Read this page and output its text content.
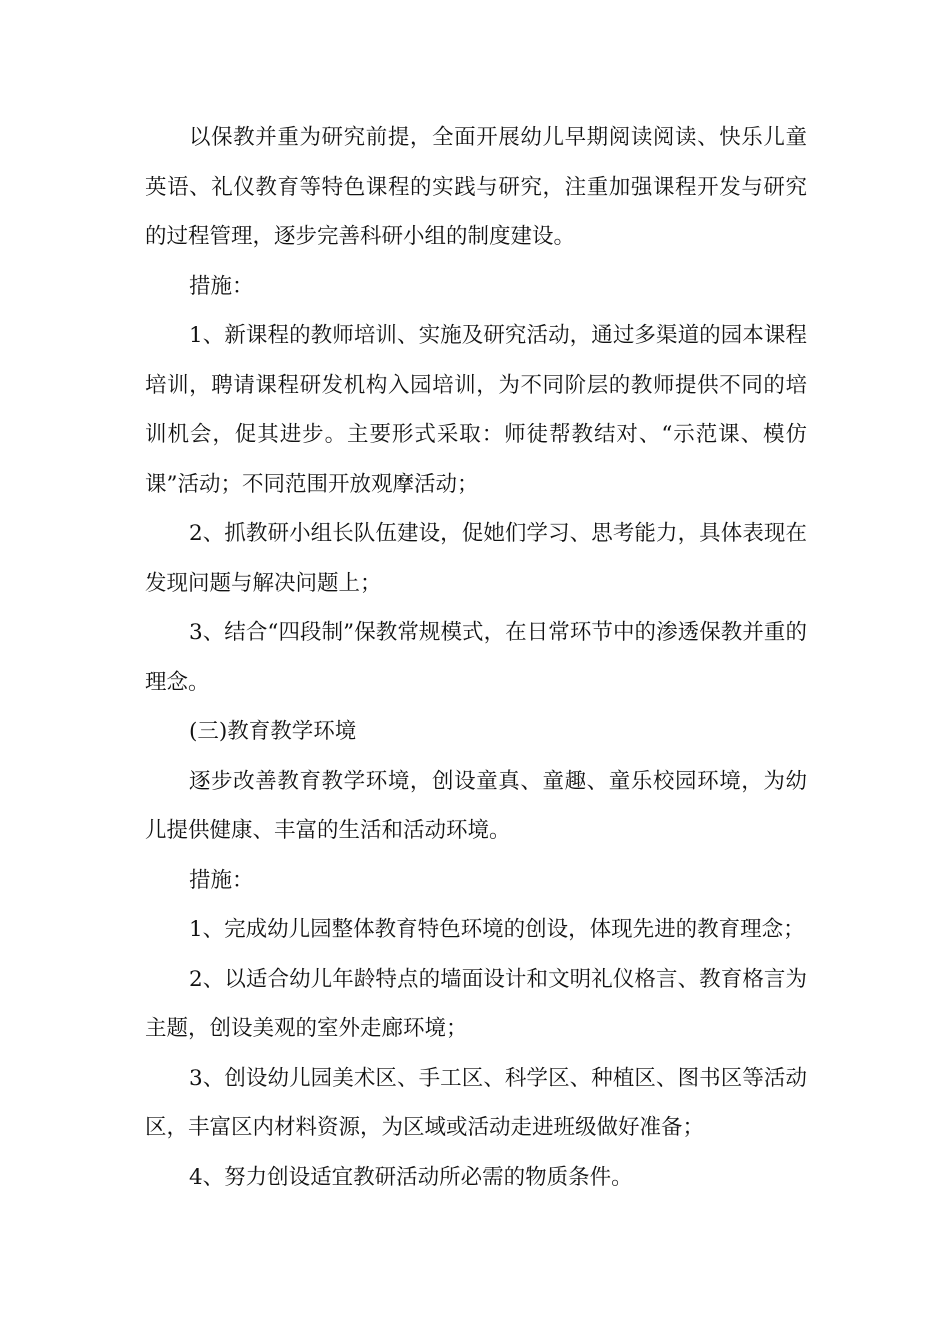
以保教并重为研究前提，全面开展幼儿早期阅读阅读、快乐儿童英语、礼仪教育等特色课程的实践与研究，注重加强课程开发与研究的过程管理，逐步完善科研小组的制度建设。

措施：

1、新课程的教师培训、实施及研究活动，通过多渠道的园本课程培训，聘请课程研发机构入园培训，为不同阶层的教师提供不同的培训机会，促其进步。主要形式采取：师徒帮教结对、“示范课、模仿课”活动；不同范围开放观摩活动；

2、抓教研小组长队伍建设，促她们学习、思考能力，具体表现在发现问题与解决问题上；

3、结合“四段制”保教常规模式，在日常环节中的渗透保教并重的理念。

(三)教育教学环境

逐步改善教育教学环境，创设童真、童趣、童乐校园环境，为幼儿提供健康、丰富的生活和活动环境。

措施：

1、完成幼儿园整体教育特色环境的创设，体现先进的教育理念；

2、以适合幼儿年龄特点的墙面设计和文明礼仪格言、教育格言为主题，创设美观的室外走廊环境；

3、创设幼儿园美术区、手工区、科学区、种植区、图书区等活动区，丰富区内材料资源，为区域或活动走进班级做好准备；

4、努力创设适宜教研活动所必需的物质条件。
